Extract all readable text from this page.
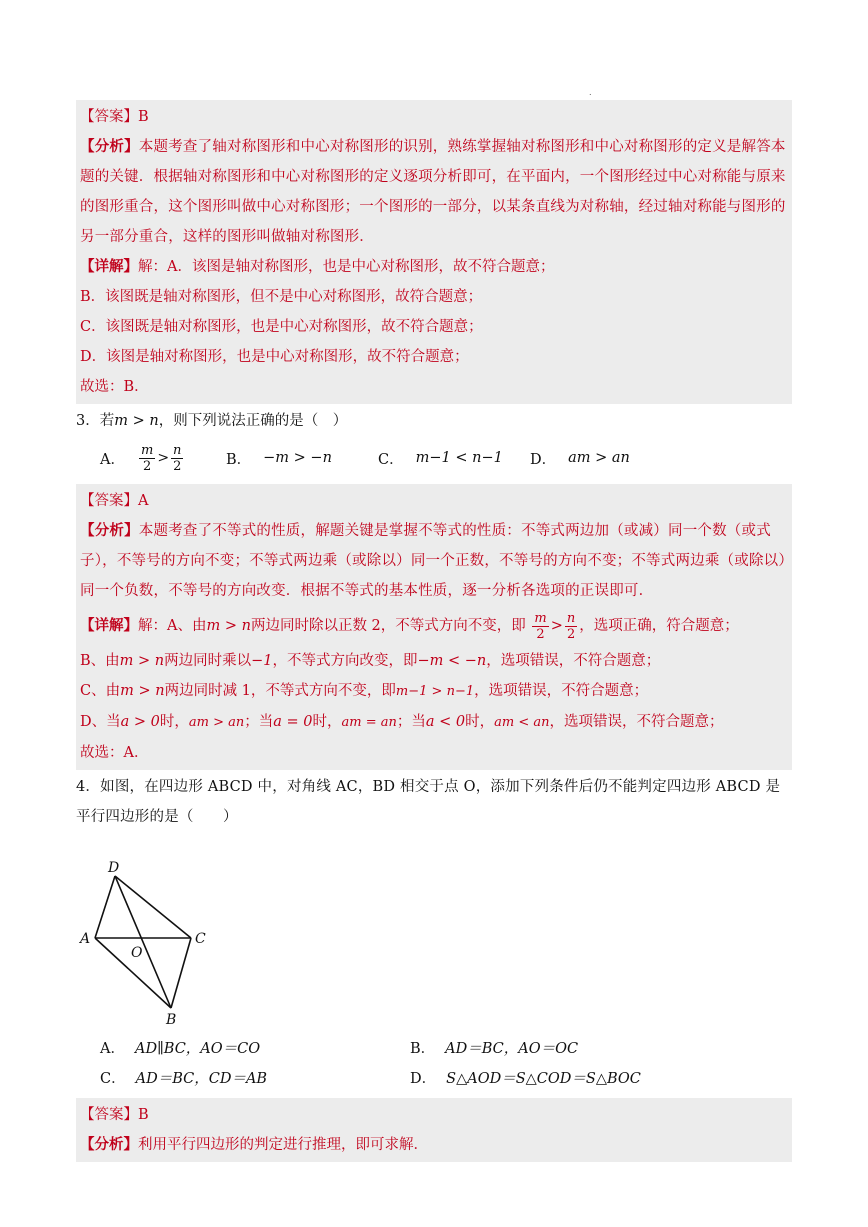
.
【答案】B
【分析】本题考查了轴对称图形和中心对称图形的识别，熟练掌握轴对称图形和中心对称图形的定义是解答本题的关键．根据轴对称图形和中心对称图形的定义逐项分析即可，在平面内，一个图形经过中心对称能与原来的图形重合，这个图形叫做中心对称图形；一个图形的一部分，以某条直线为对称轴，经过轴对称能与图形的另一部分重合，这样的图形叫做轴对称图形．
【详解】解：A．该图是轴对称图形，也是中心对称图形，故不符合题意；
B．该图既是轴对称图形，但不是中心对称图形，故符合题意；
C．该图既是轴对称图形，也是中心对称图形，故不符合题意；
D．该图是轴对称图形，也是中心对称图形，故不符合题意；
故选：B．
3．若m > n，则下列说法正确的是（　）
A． $\frac{m}{2} > \frac{n}{2}$	B． −m > −n	C． m−1 < n−1 D． am > an
【答案】A
【分析】本题考查了不等式的性质，解题关键是掌握不等式的性质：不等式两边加（或减）同一个数（或式子），不等号的方向不变；不等式两边乘（或除以）同一个正数，不等号的方向不变；不等式两边乘（或除以）同一个负数，不等号的方向改变．根据不等式的基本性质，逐一分析各选项的正误即可．
【详解】解：A、由m > n两边同时除以正数 2，不等式方向不变，即 $\frac{m}{2} > \frac{n}{2}$ ，选项正确，符合题意；
B、由m > n两边同时乘以−1，不等式方向改变，即−m < −n，选项错误，不符合题意；
C、由m > n两边同时减 1，不等式方向不变，即m−1 > n−1，选项错误，不符合题意；
D、当a > 0时，am > an；当a = 0时，am = an；当a < 0时，am < an，选项错误，不符合题意；
故选：A．
4．如图，在四边形 ABCD 中，对角线 AC，BD 相交于点 O，添加下列条件后仍不能判定四边形 ABCD 是平行四边形的是（　　）
D
A	C
O
B
A． AD∥BC，AO＝CO	B． AD＝BC，AO＝OC
C． AD＝BC，CD＝AB	D． S△AOD＝S△COD＝S△BOC
【答案】B
【分析】利用平行四边形的判定进行推理，即可求解．
